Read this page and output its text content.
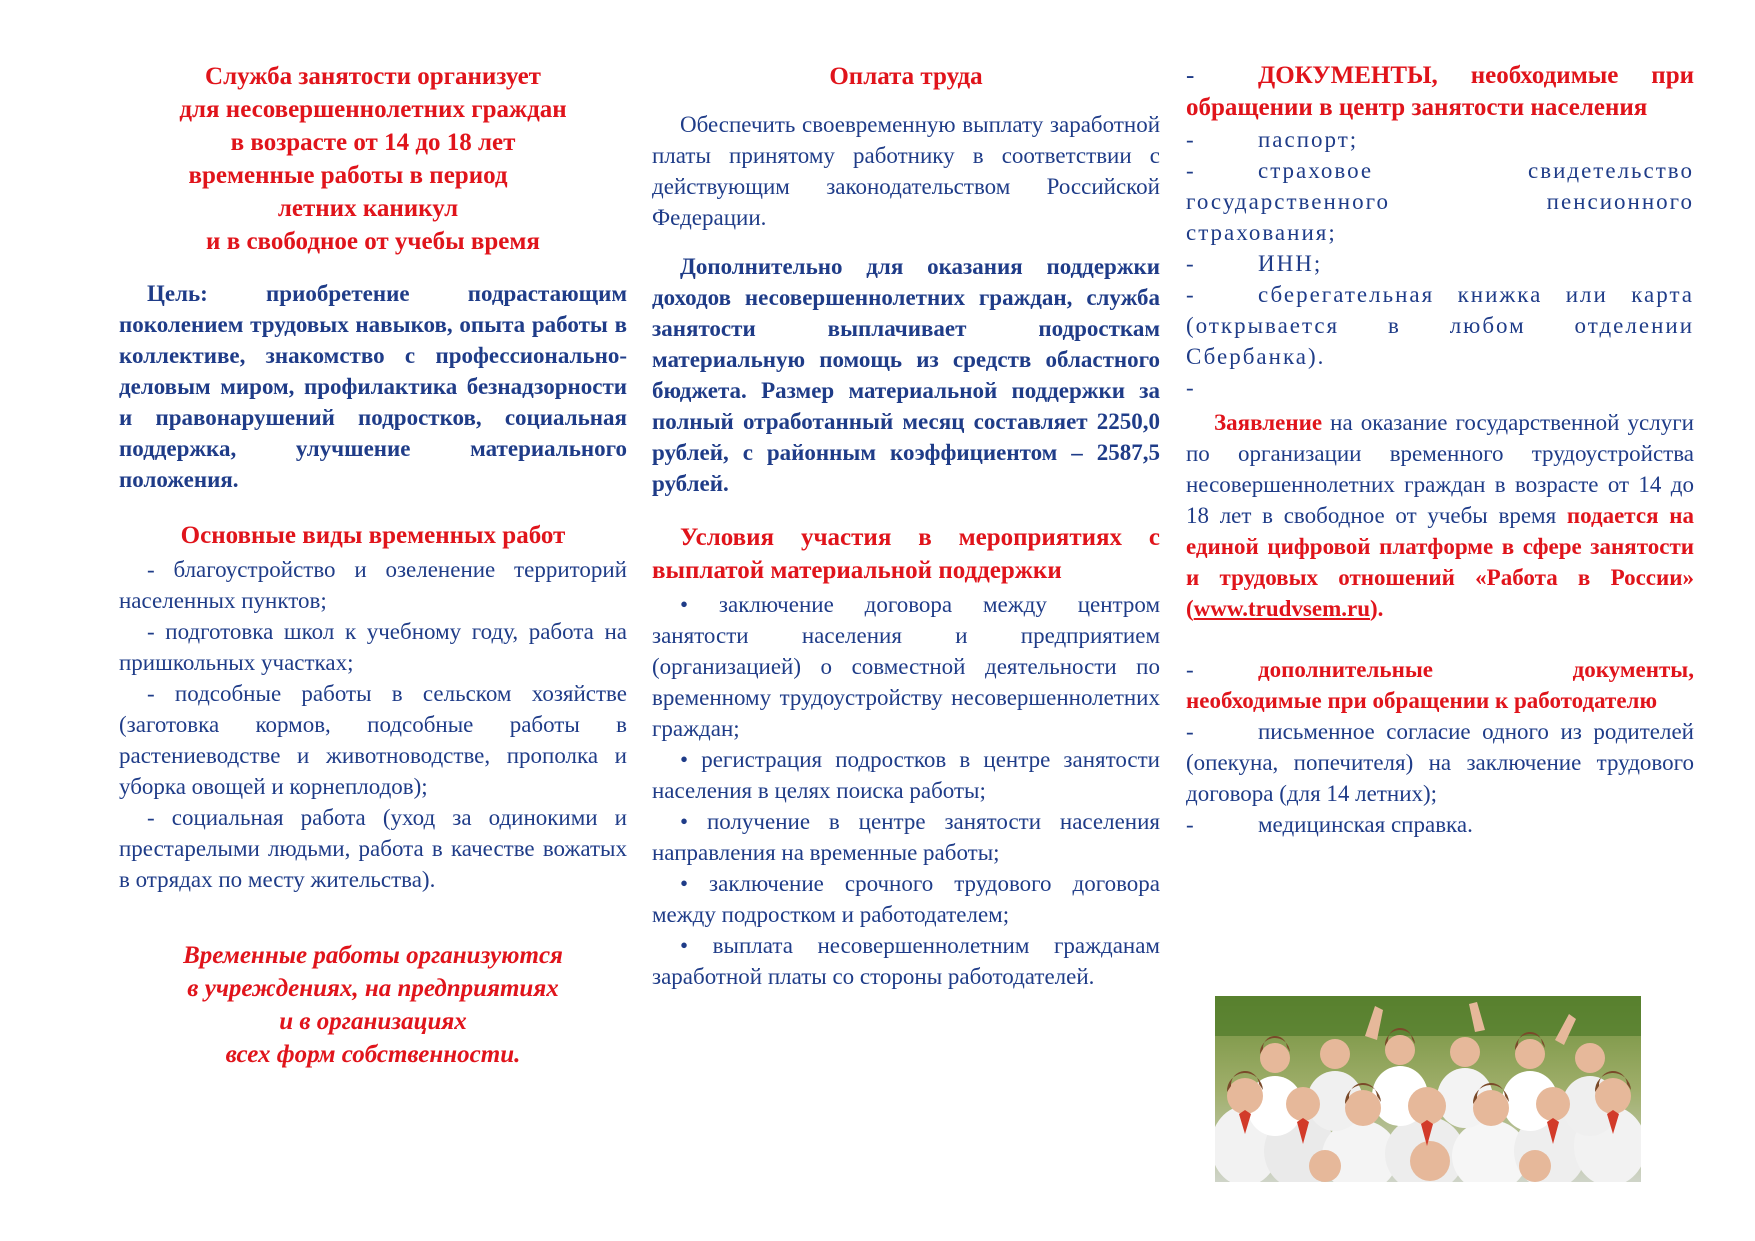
Служба занятости организует
для несовершеннолетних граждан
в возрасте от 14 до 18 лет
временные работы в период
летних каникул
и в свободное от учебы время

Цель: приобретение подрастающим поколением трудовых навыков, опыта работы в коллективе, знакомство с профессионально-деловым миром, профилактика безнадзорности и правонарушений подростков, социальная поддержка, улучшение материального положения.

Основные виды временных работ

- благоустройство и озеленение территорий населенных пунктов;

- подготовка школ к учебному году, работа на пришкольных участках;

- подсобные работы в сельском хозяйстве (заготовка кормов, подсобные работы в растениеводстве и животноводстве, прополка и уборка овощей и корнеплодов);

- социальная работа (уход за одинокими и престарелыми людьми, работа в качестве вожатых в отрядах по месту жительства).

Временные работы организуются
в учреждениях, на предприятиях
и в организациях
всех форм собственности.
Оплата труда

Обеспечить своевременную выплату заработной платы принятому работнику в соответствии с действующим законодательством Российской Федерации.

Дополнительно для оказания поддержки доходов несовершеннолетних граждан, служба занятости выплачивает подросткам материальную помощь из средств областного бюджета. Размер материальной поддержки за полный отработанный месяц составляет 2250,0 рублей, с районным коэффициентом – 2587,5 рублей.

Условия участия в мероприятиях с выплатой материальной поддержки

• заключение договора между центром занятости населения и предприятием (организацией) о совместной деятельности по временному трудоустройству несовершеннолетних граждан;

• регистрация подростков в центре занятости населения в целях поиска работы;

• получение в центре занятости населения направления на временные работы;

• заключение срочного трудового договора между подростком и работодателем;

• выплата несовершеннолетним гражданам заработной платы со стороны работодателей.

-	ДОКУМЕНТЫ, необходимые при обращении в центр занятости населения

-	паспорт;

-	страховое свидетельство государственного пенсионного страхования;

-	ИНН;

-	сберегательная книжка или карта (открывается в любом отделении Сбербанка).

-

Заявление на оказание государственной услуги по организации временного трудоустройства несовершеннолетних граждан в возрасте от 14 до 18 лет в свободное от учебы время подается на единой цифровой платформе в сфере занятости и трудовых отношений «Работа в России» (www.trudvsem.ru).

-	дополнительные документы, необходимые при обращении к работодателю

-	письменное согласие одного из родителей (опекуна, попечителя) на заключение трудового договора (для 14 летних);

-	медицинская справка.
